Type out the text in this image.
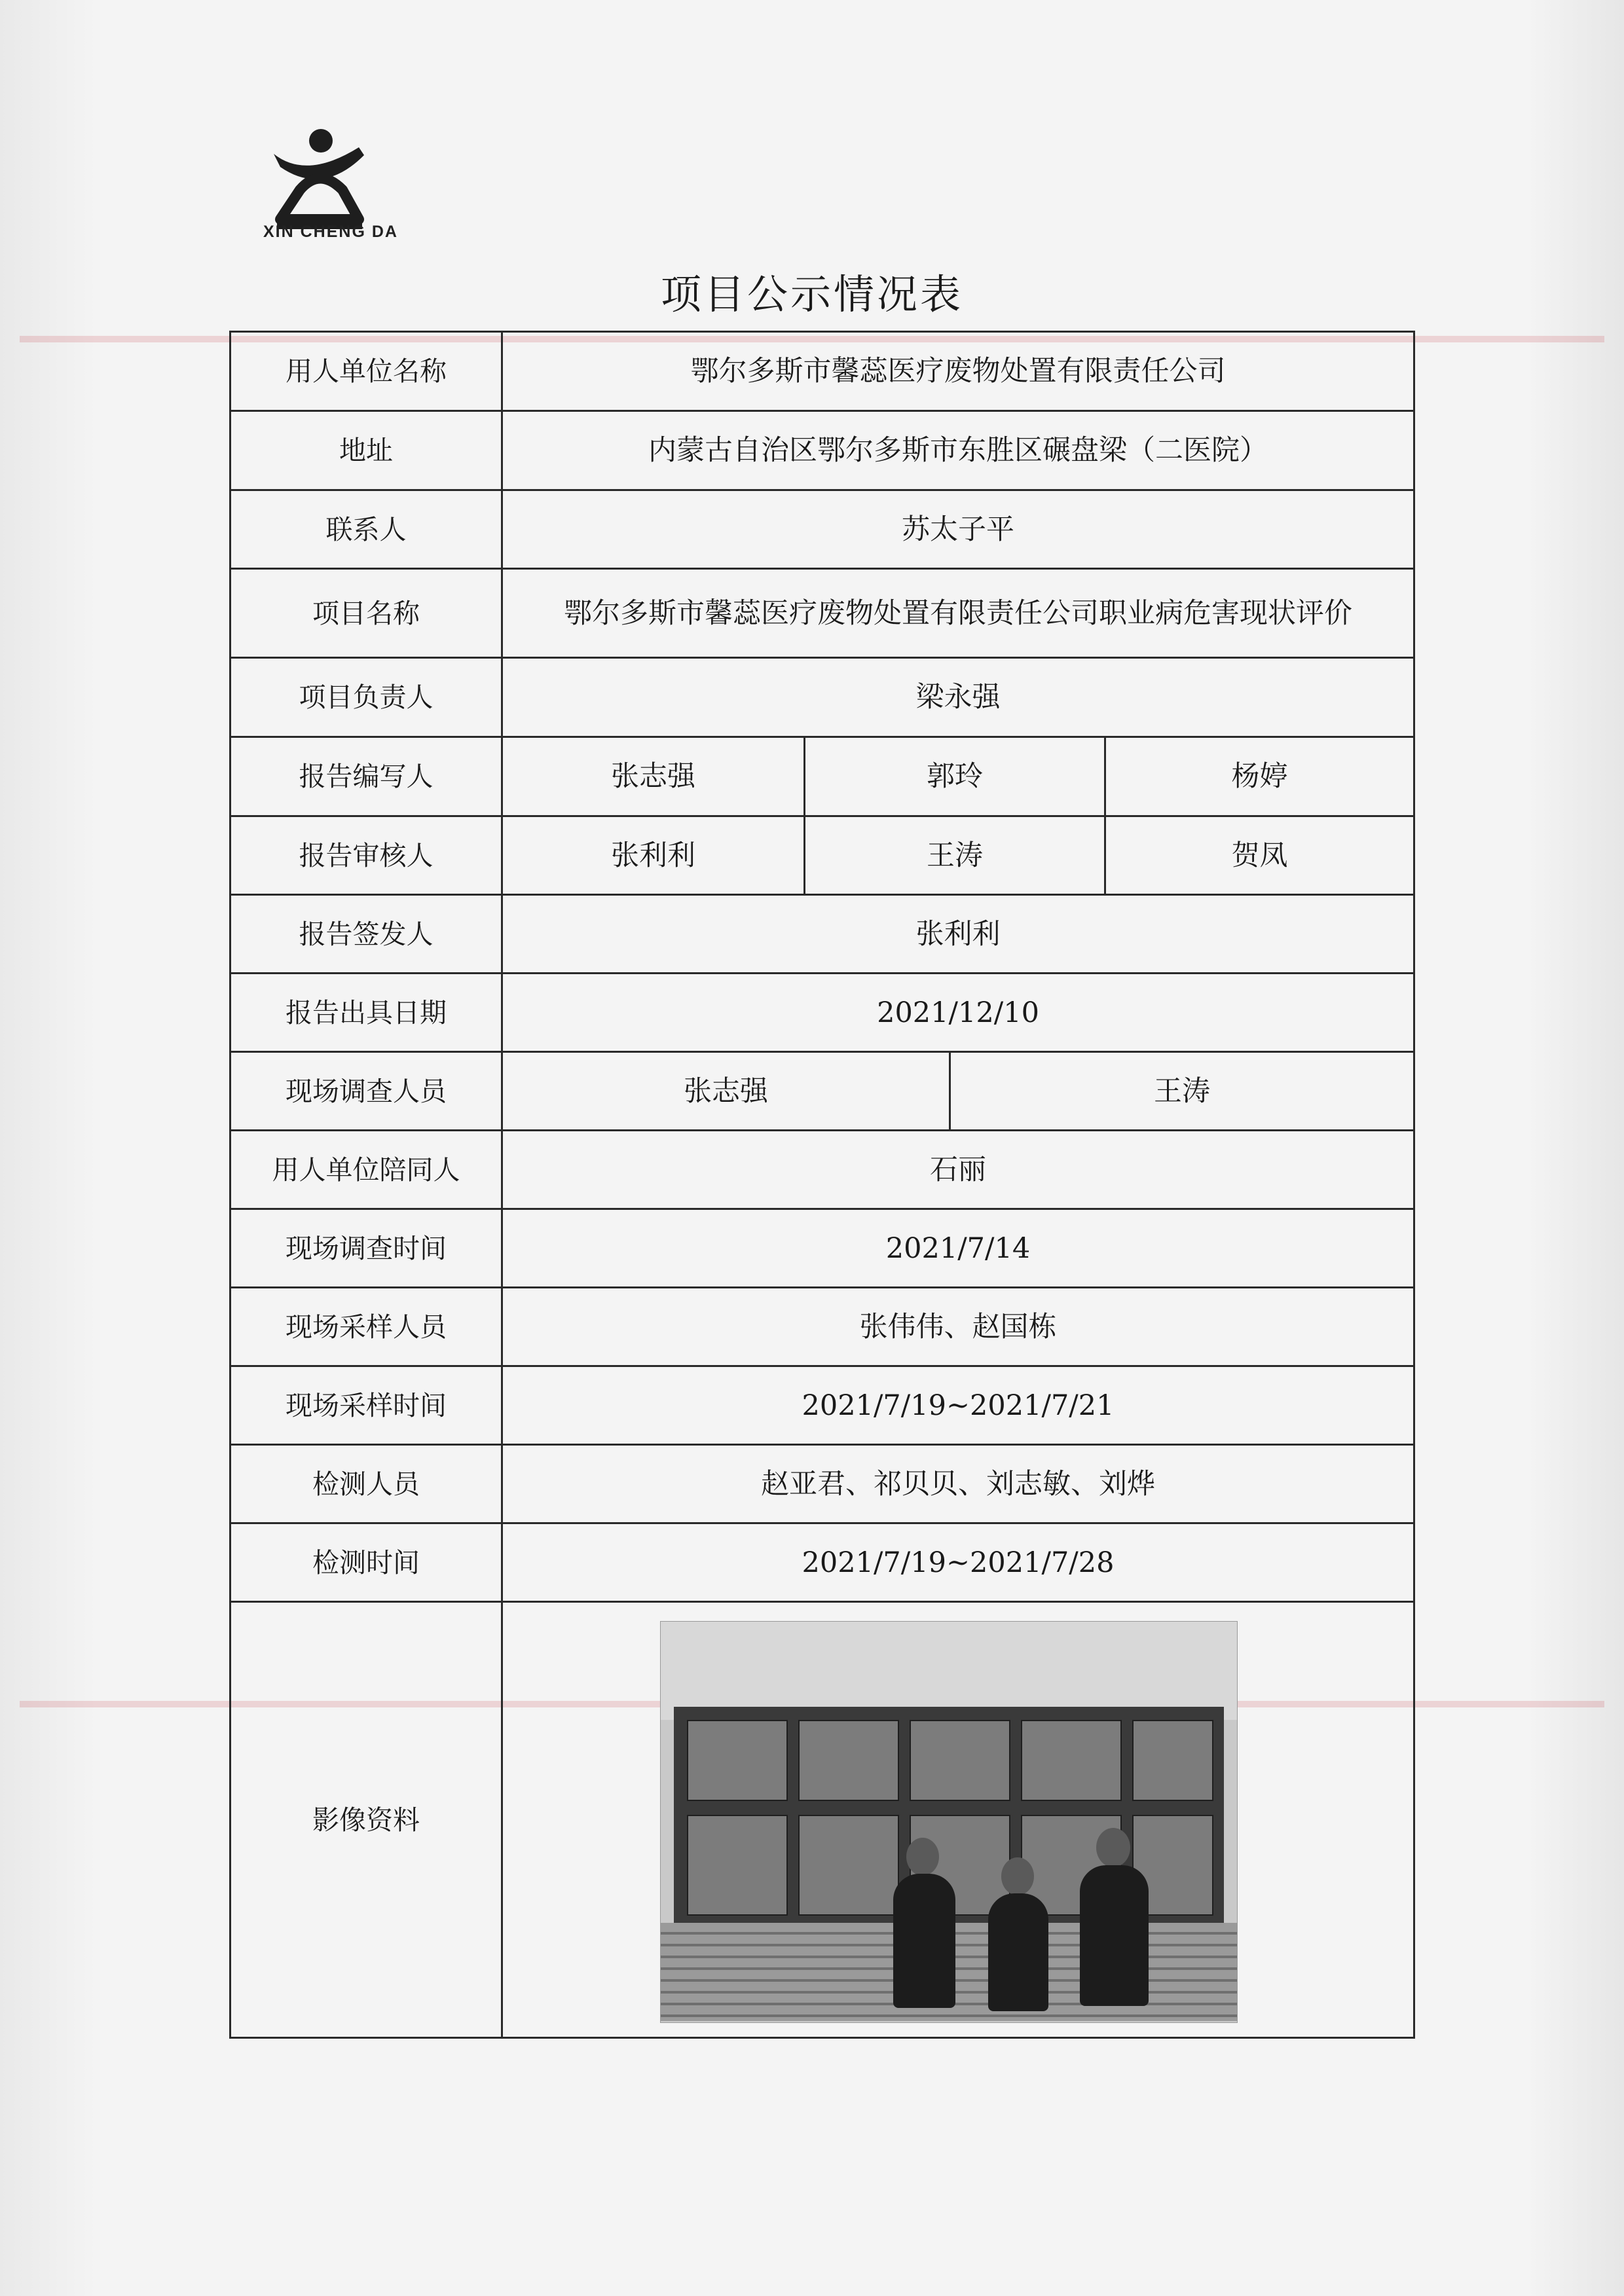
XIN CHENG DA
项目公示情况表
用人单位名称	鄂尔多斯市馨蕊医疗废物处置有限责任公司			
地址	内蒙古自治区鄂尔多斯市东胜区碾盘梁（二医院）			
联系人	苏太子平			
项目名称	鄂尔多斯市馨蕊医疗废物处置有限责任公司职业病危害现状评价			
项目负责人	梁永强			
报告编写人	张志强	郭玲		杨婷
报告审核人	张利利	王涛		贺凤
报告签发人	张利利			
报告出具日期	2021/12/10			
现场调查人员	张志强		王涛	
用人单位陪同人	石丽			
现场调查时间	2021/7/14			
现场采样人员	张伟伟、赵国栋			
现场采样时间	2021/7/19~2021/7/21			
检测人员	赵亚君、祁贝贝、刘志敏、刘烨			
检测时间	2021/7/19~2021/7/28			
影像资料				
